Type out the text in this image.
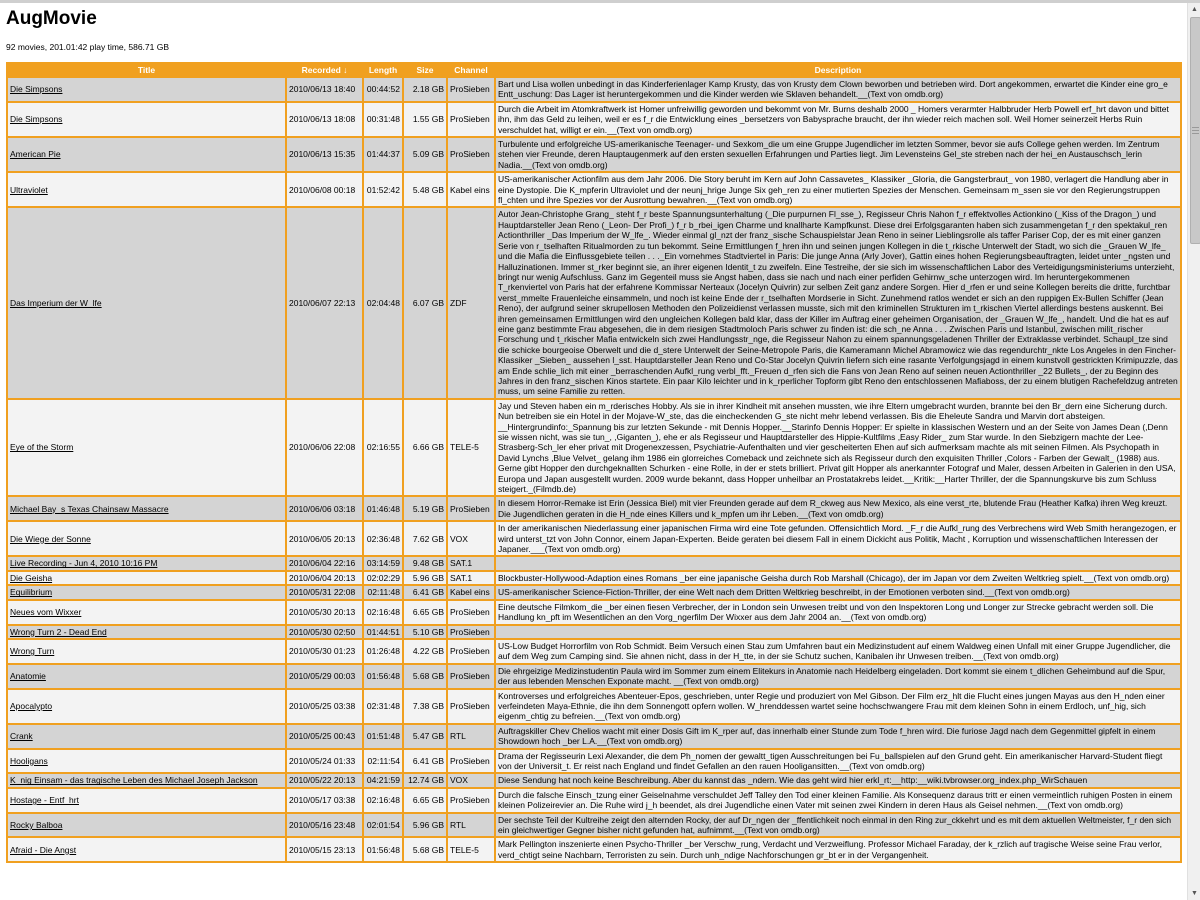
AugMovie

92 movies, 201.01:42 play time, 586.71 GB

Title	Recorded ↓	Length	Size	Channel	Description
Die Simpsons	2010/06/13 18:40	00:44:52	2.18 GB	ProSieben	Bart und Lisa wollen unbedingt in das Kinderferienlager Kamp Krusty, das von Krusty dem Clown beworben und betrieben wird. Dort angekommen, erwartet die Kinder eine gro_e Entt_uschung: Das Lager ist heruntergekommen und die Kinder werden wie Sklaven behandelt.__(Text von omdb.org)
Die Simpsons	2010/06/13 18:08	00:31:48	1.55 GB	ProSieben	Durch die Arbeit im Atomkraftwerk ist Homer unfreiwillig geworden und bekommt von Mr. Burns deshalb 2000 _ Homers verarmter Halbbruder Herb Powell erf_hrt davon und bittet ihn, ihm das Geld zu leihen, weil er es f_r die Entwicklung eines _bersetzers von Babysprache braucht, der ihn wieder reich machen soll. Weil Homer seinerzeit Herbs Ruin verschuldet hat, willigt er ein.__(Text von omdb.org)
American Pie	2010/06/13 15:35	01:44:37	5.09 GB	ProSieben	Turbulente und erfolgreiche US-amerikanische Teenager- und Sexkom_die um eine Gruppe Jugendlicher im letzten Sommer, bevor sie aufs College gehen werden. Im Zentrum stehen vier Freunde, deren Hauptaugenmerk auf den ersten sexuellen Erfahrungen und Parties liegt. Jim Levensteins Gel_ste streben nach der hei_en Austauschsch_lerin Nadia.__(Text von omdb.org)
Ultraviolet	2010/06/08 00:18	01:52:42	5.48 GB	Kabel eins	US-amerikanischer Actionfilm aus dem Jahr 2006. Die Story beruht im Kern auf John Cassavetes_ Klassiker _Gloria, die Gangsterbraut_ von 1980, verlagert die Handlung aber in eine Dystopie. Die K_mpferin Ultraviolet und der neunj_hrige Junge Six geh_ren zu einer mutierten Spezies der Menschen. Gemeinsam m_ssen sie vor den Regierungstruppen fl_chten und ihre Spezies vor der Ausrottung bewahren.__(Text von omdb.org)
Das Imperium der W_lfe	2010/06/07 22:13	02:04:48	6.07 GB	ZDF	Autor Jean-Christophe Grang_ steht f_r beste Spannungsunterhaltung (_Die purpurnen Fl_sse_), Regisseur Chris Nahon f_r effektvolles Actionkino (_Kiss of the Dragon_) und Hauptdarsteller Jean Reno (_Leon- Der Profi_) f_r b_rbei_igen Charme und knallharte Kampfkunst. Diese drei Erfolgsgaranten haben sich zusammengetan f_r den spektakul_ren Actionthriller _Das Imperium der W_lfe_. Wieder einmal gl_nzt der franz_sische Schauspielstar Jean Reno in seiner Lieblingsrolle als taffer Pariser Cop, der es mit einer ganzen Serie von r_tselhaften Ritualmorden zu tun bekommt. Seine Ermittlungen f_hren ihn und seinen jungen Kollegen in die t_rkische Unterwelt der Stadt, wo sich die _Grauen W_lfe_ und die Mafia die Einflussgebiete teilen . . ._Ein vornehmes Stadtviertel in Paris: Die junge Anna (Arly Jover), Gattin eines hohen Regierungsbeauftragten, leidet unter _ngsten und Halluzinationen. Immer st_rker beginnt sie, an ihrer eigenen Identit_t zu zweifeln. Eine Testreihe, der sie sich im wissenschaftlichen Labor des Verteidigungsministeriums unterzieht, bringt nur wenig Aufschluss. Ganz im Gegenteil muss sie Angst haben, dass sie nach und nach einer perfiden Gehirnw_sche unterzogen wird. Im heruntergekommenen T_rkenviertel von Paris hat der erfahrene Kommissar Nerteaux (Jocelyn Quivrin) zur selben Zeit ganz andere Sorgen. Hier d_rfen er und seine Kollegen bereits die dritte, furchtbar verst_mmelte Frauenleiche einsammeln, und noch ist keine Ende der r_tselhaften Mordserie in Sicht. Zunehmend ratlos wendet er sich an den ruppigen Ex-Bullen Schiffer (Jean Reno), der aufgrund seiner skrupellosen Methoden den Polizeidienst verlassen musste, sich mit den kriminellen Strukturen im t_rkischen Viertel allerdings bestens auskennt. Bei ihren gemeinsamen Ermittlungen wird den ungleichen Kollegen bald klar, dass der Killer im Auftrag einer geheimen Organisation, der _Grauen W_lfe_, handelt. Und die hat es auf eine ganz bestimmte Frau abgesehen, die in dem riesigen Stadtmoloch Paris schwer zu finden ist: die sch_ne Anna . . . Zwischen Paris und Istanbul, zwischen milit_rischer Forschung und t_rkischer Mafia entwickeln sich zwei Handlungsstr_nge, die Regisseur Nahon zu einem spannungsgeladenen Thriller der Extraklasse verbindet. Schaupl_tze sind die schicke bourgeoise Oberwelt und die d_stere Unterwelt der Seine-Metropole Paris, die Kameramann Michel Abramowicz wie das regendurchtr_nkte Los Angeles in den Fincher-Klassiker _Sieben_ aussehen l_sst. Hauptdarsteller Jean Reno und Co-Star Jocelyn Quivrin liefern sich eine rasante Verfolgungsjagd in einem kunstvoll gestrickten Krimipuzzle, das am Ende schlie_lich mit einer _berraschenden Aufkl_rung verbl_fft._Freuen d_rfen sich die Fans von Jean Reno auf seinen neuen Actionthriller _22 Bullets_, der zu Beginn des Jahres in den franz_sischen Kinos startete. Ein paar Kilo leichter und in k_rperlicher Topform gibt Reno den entschlossenen Mafiaboss, der zu einem blutigen Rachefeldzug antreten muss, um seine Familie zu retten.
Eye of the Storm	2010/06/06 22:08	02:16:55	6.66 GB	TELE-5	Jay und Steven haben ein m_rderisches Hobby. Als sie in ihrer Kindheit mit ansehen mussten, wie ihre Eltern umgebracht wurden, brannte bei den Br_dern eine Sicherung durch. Nun betreiben sie ein Hotel in der Mojave-W_ste, das die eincheckenden G_ste nicht mehr lebend verlassen. Bis die Eheleute Sandra und Marvin dort absteigen. __Hintergrundinfo:_Spannung bis zur letzten Sekunde - mit Dennis Hopper.__Starinfo Dennis Hopper: Er spielte in klassischen Western und an der Seite von James Dean (,Denn sie wissen nicht, was sie tun_, ,Giganten_), ehe er als Regisseur und Hauptdarsteller des Hippie-Kultfilms ,Easy Rider_ zum Star wurde. In den Siebzigern machte der Lee-Strasberg-Sch_ler eher privat mit Drogenexzessen, Psychiatrie-Aufenthalten und vier gescheiterten Ehen auf sich aufmerksam machte als mit seinen Filmen. Als Psychopath in David Lynchs ,Blue Velvet_ gelang ihm 1986 ein glorreiches Comeback und zeichnete sich als Regisseur durch den exquisiten Thriller ,Colors - Farben der Gewalt_ (1988) aus. Gerne gibt Hopper den durchgeknallten Schurken - eine Rolle, in der er stets brilliert. Privat gilt Hopper als anerkannter Fotograf und Maler, dessen Arbeiten in Galerien in den USA, Europa und Japan ausgestellt wurden. 2009 wurde bekannt, dass Hopper unheilbar an Prostatakrebs leidet.__Kritik:__Harter Thriller, der die Spannungskurve bis zum Schluss steigert._(Filmdb.de)
Michael Bay_s Texas Chainsaw Massacre	2010/06/06 03:18	01:46:48	5.19 GB	ProSieben	In diesem Horror-Remake ist Erin (Jessica Biel) mit vier Freunden gerade auf dem R_ckweg aus New Mexico, als eine verst_rte, blutende Frau (Heather Kafka) ihren Weg kreuzt. Die Jugendlichen geraten in die H_nde eines Killers und k_mpfen um ihr Leben.__(Text von omdb.org)
Die Wiege der Sonne	2010/06/05 20:13	02:36:48	7.62 GB	VOX	In der amerikanischen Niederlassung einer japanischen Firma wird eine Tote gefunden. Offensichtlich Mord. _F_r die Aufkl_rung des Verbrechens wird Web Smith herangezogen, er wird unterst_tzt von John Connor, einem Japan-Experten. Beide geraten bei diesem Fall in einem Dickicht aus Politik, Macht , Korruption und wissenschaftlichen Interessen der Japaner.___(Text von omdb.org)
Live Recording - Jun 4, 2010 10:16 PM	2010/06/04 22:16	03:14:59	9.48 GB	SAT.1	
Die Geisha	2010/06/04 20:13	02:02:29	5.96 GB	SAT.1	Blockbuster-Hollywood-Adaption eines Romans _ber eine japanische Geisha durch Rob Marshall (Chicago), der im Japan vor dem Zweiten Weltkrieg spielt.__(Text von omdb.org)
Equilibrium	2010/05/31 22:08	02:11:48	6.41 GB	Kabel eins	US-amerikanischer Science-Fiction-Thriller, der eine Welt nach dem Dritten Weltkrieg beschreibt, in der Emotionen verboten sind.__(Text von omdb.org)
Neues vom Wixxer	2010/05/30 20:13	02:16:48	6.65 GB	ProSieben	Eine deutsche Filmkom_die _ber einen fiesen Verbrecher, der in London sein Unwesen treibt und von den Inspektoren Long und Longer zur Strecke gebracht werden soll. Die Handlung kn_pft im Wesentlichen an den Vorg_ngerfilm Der Wixxer aus dem Jahr 2004 an.__(Text von omdb.org)
Wrong Turn 2 - Dead End	2010/05/30 02:50	01:44:51	5.10 GB	ProSieben	
Wrong Turn	2010/05/30 01:23	01:26:48	4.22 GB	ProSieben	US-Low Budget Horrorfilm von Rob Schmidt. Beim Versuch einen Stau zum Umfahren baut ein Medizinstudent auf einem Waldweg einen Unfall mit einer Gruppe Jugendlicher, die auf dem Weg zum Camping sind. Sie ahnen nicht, dass in der H_tte, in der sie Schutz suchen, Kanibalen ihr Unwesen treiben.__(Text von omdb.org)
Anatomie	2010/05/29 00:03	01:56:48	5.68 GB	ProSieben	Die ehrgeizige Medizinstudentin Paula wird im Sommer zum einem Elitekurs in Anatomie nach Heidelberg eingeladen. Dort kommt sie einem t_dlichen Geheimbund auf die Spur, der aus lebenden Menschen Exponate macht. __(Text von omdb.org)
Apocalypto	2010/05/25 03:38	02:31:48	7.38 GB	ProSieben	Kontroverses und erfolgreiches Abenteuer-Epos, geschrieben, unter Regie und produziert von Mel Gibson. Der Film erz_hlt die Flucht eines jungen Mayas aus den H_nden einer verfeindeten Maya-Ethnie, die ihn dem Sonnengott opfern wollen. W_hrenddessen wartet seine hochschwangere Frau mit dem kleinen Sohn in einem Erdloch, unf_hig, sich eigenm_chtig zu befreien.__(Text von omdb.org)
Crank	2010/05/25 00:43	01:51:48	5.47 GB	RTL	Auftragskiller Chev Chelios wacht mit einer Dosis Gift im K_rper auf, das innerhalb einer Stunde zum Tode f_hren wird. Die furiose Jagd nach dem Gegenmittel gipfelt in einem Showdown hoch _ber L.A.__(Text von omdb.org)
Hooligans	2010/05/24 01:33	02:11:54	6.41 GB	ProSieben	Drama der Regisseurin Lexi Alexander, die dem Ph_nomen der gewaltt_tigen Ausschreitungen bei Fu_ballspielen auf den Grund geht. Ein amerikanischer Harvard-Student fliegt von der Universit_t. Er reist nach England und findet Gefallen an den rauen Hooligansitten.__(Text von omdb.org)
K_nig Einsam - das tragische Leben des Michael Joseph Jackson	2010/05/22 20:13	04:21:59	12.74 GB	VOX	Diese Sendung hat noch keine Beschreibung. Aber du kannst das _ndern. Wie das geht wird hier erkl_rt:__http:__wiki.tvbrowser.org_index.php_WirSchauen
Hostage - Entf_hrt	2010/05/17 03:38	02:16:48	6.65 GB	ProSieben	Durch die falsche Einsch_tzung einer Geiselnahme verschuldet Jeff Talley den Tod einer kleinen Familie. Als Konsequenz daraus tritt er einen vermeintlich ruhigen Posten in einem kleinen Polizeirevier an. Die Ruhe wird j_h beendet, als drei Jugendliche einen Vater mit seinen zwei Kindern in deren Haus als Geisel nehmen.__(Text von omdb.org)
Rocky Balboa	2010/05/16 23:48	02:01:54	5.96 GB	RTL	Der sechste Teil der Kultreihe zeigt den alternden Rocky, der auf Dr_ngen der _ffentlichkeit noch einmal in den Ring zur_ckkehrt und es mit dem aktuellen Weltmeister, f_r den sich ein gleichwertiger Gegner bisher nicht gefunden hat, aufnimmt.__(Text von omdb.org)
Afraid - Die Angst	2010/05/15 23:13	01:56:48	5.68 GB	TELE-5	Mark Pellington inszenierte einen Psycho-Thriller _ber Verschw_rung, Verdacht und Verzweiflung. Professor Michael Faraday, der k_rzlich auf tragische Weise seine Frau verlor, verd_chtigt seine Nachbarn, Terroristen zu sein. Durch unh_ndige Nachforschungen gr_bt er in der Vergangenheit.
▲
▼
